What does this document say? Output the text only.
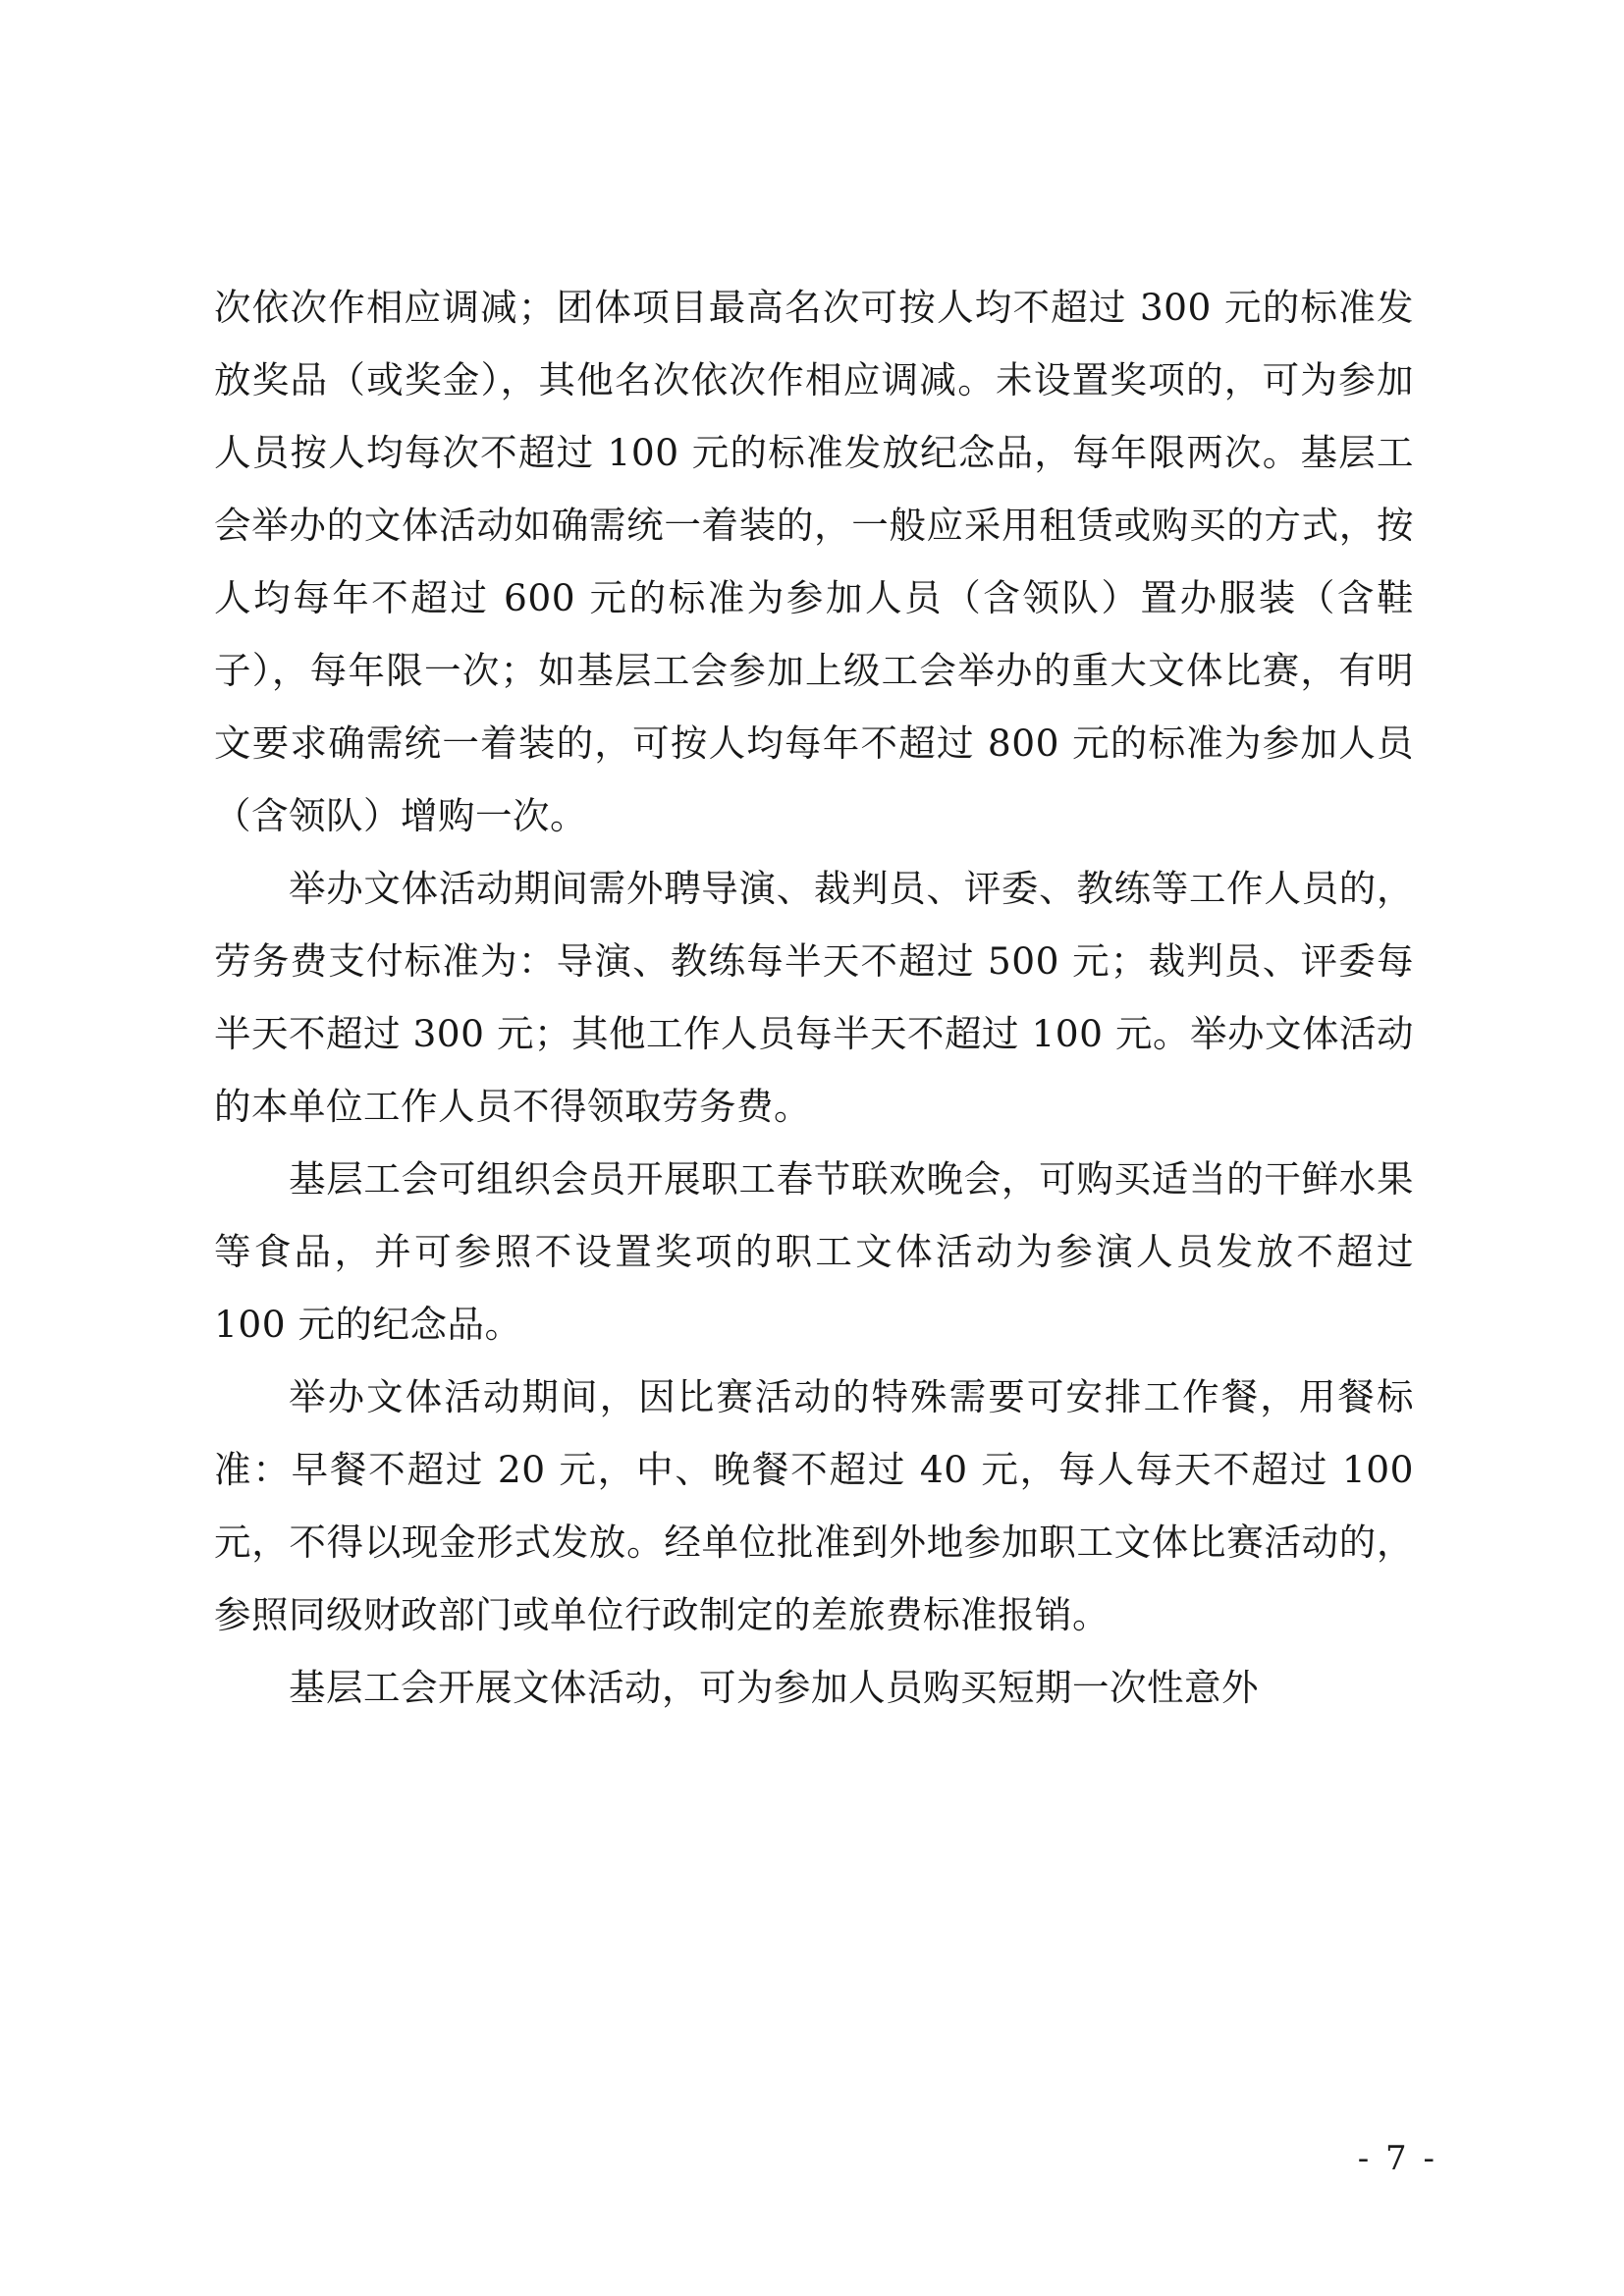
次依次作相应调减；团体项目最高名次可按人均不超过 300 元的标准发放奖品（或奖金），其他名次依次作相应调减。未设置奖项的，可为参加人员按人均每次不超过 100 元的标准发放纪念品，每年限两次。基层工会举办的文体活动如确需统一着装的，一般应采用租赁或购买的方式，按人均每年不超过 600 元的标准为参加人员（含领队）置办服装（含鞋子），每年限一次；如基层工会参加上级工会举办的重大文体比赛，有明文要求确需统一着装的，可按人均每年不超过 800 元的标准为参加人员（含领队）增购一次。

举办文体活动期间需外聘导演、裁判员、评委、教练等工作人员的，劳务费支付标准为：导演、教练每半天不超过 500 元；裁判员、评委每半天不超过 300 元；其他工作人员每半天不超过 100 元。举办文体活动的本单位工作人员不得领取劳务费。

基层工会可组织会员开展职工春节联欢晚会，可购买适当的干鲜水果等食品，并可参照不设置奖项的职工文体活动为参演人员发放不超过 100 元的纪念品。

举办文体活动期间，因比赛活动的特殊需要可安排工作餐，用餐标准：早餐不超过 20 元，中、晚餐不超过 40 元，每人每天不超过 100 元，不得以现金形式发放。经单位批准到外地参加职工文体比赛活动的，参照同级财政部门或单位行政制定的差旅费标准报销。

基层工会开展文体活动，可为参加人员购买短期一次性意外

- 7 -
